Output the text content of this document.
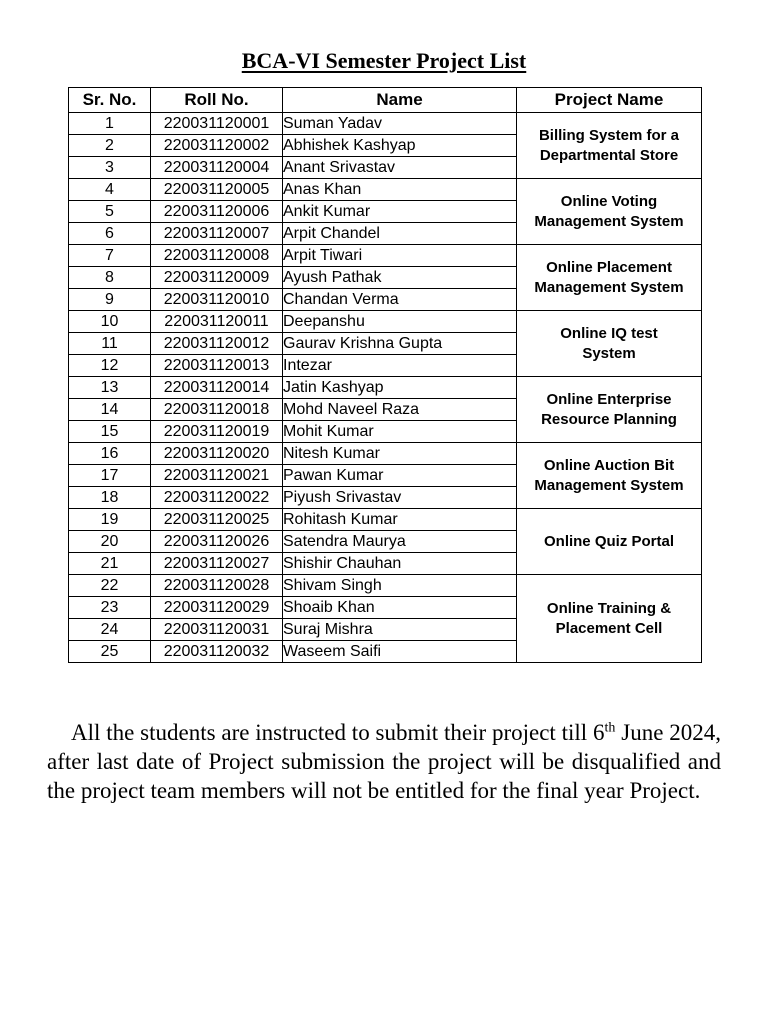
BCA-VI Semester Project List
Sr. No.	Roll No.	Name	Project Name
1	220031120001	Suman Yadav	Billing System for a
Departmental Store

2	220031120002	Abhishek Kashyap	
3	220031120004	Anant Srivastav	
4	220031120005	Anas Khan	Online Voting
Management System

5	220031120006	Ankit Kumar	
6	220031120007	Arpit Chandel	
7	220031120008	Arpit Tiwari	Online Placement
Management System

8	220031120009	Ayush Pathak	
9	220031120010	Chandan Verma	
10	220031120011	Deepanshu	Online IQ test
System

11	220031120012	Gaurav Krishna Gupta	
12	220031120013	Intezar	
13	220031120014	Jatin Kashyap	Online Enterprise
Resource Planning

14	220031120018	Mohd Naveel Raza	
15	220031120019	Mohit Kumar	
16	220031120020	Nitesh Kumar	Online Auction Bit
Management System

17	220031120021	Pawan Kumar	
18	220031120022	Piyush Srivastav	
19	220031120025	Rohitash Kumar	Online Quiz Portal

20	220031120026	Satendra Maurya	
21	220031120027	Shishir Chauhan	
22	220031120028	Shivam Singh	Online Training &
Placement Cell

23	220031120029	Shoaib Khan	
24	220031120031	Suraj Mishra	
25	220031120032	Waseem Saifi	

All the students are instructed to submit their project till 6th June 2024, after last date of Project submission the project will be disqualified and the project team members will not be entitled for the final year Project.
